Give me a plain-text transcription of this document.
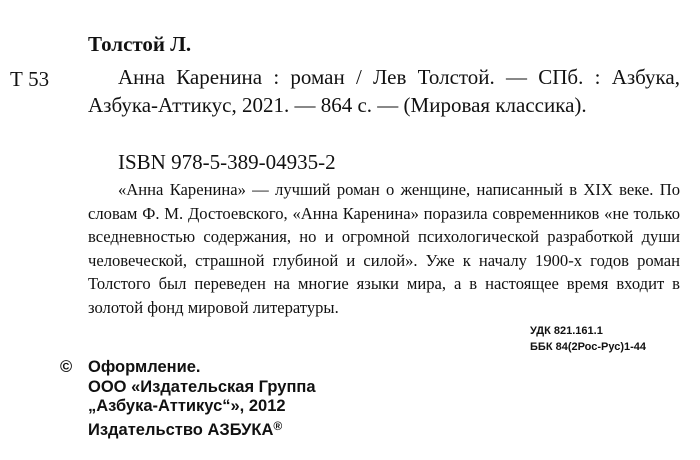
Толстой Л.
Т 53	Анна Каренина : роман / Лев Толстой. — СПб. : Азбука, Азбука-Аттикус, 2021. — 864 с. — (Мировая классика).
ISBN 978-5-389-04935-2
«Анна Каренина» — лучший роман о женщине, написанный в XIX веке. По словам Ф. М. Достоевского, «Анна Каренина» поразила современников «не только вседневностью содержания, но и огромной психологической разработкой души человеческой, страшной глубиной и силой». Уже к началу 1900-х годов роман Толстого был переведен на многие языки мира, а в настоящее время входит в золотой фонд мировой литературы.
УДК 821.161.1
ББК 84(2Рос-Рус)1-44
© Оформление.
ООО «Издательская Группа
„Азбука-Аттикус“», 2012
Издательство АЗБУКА®
